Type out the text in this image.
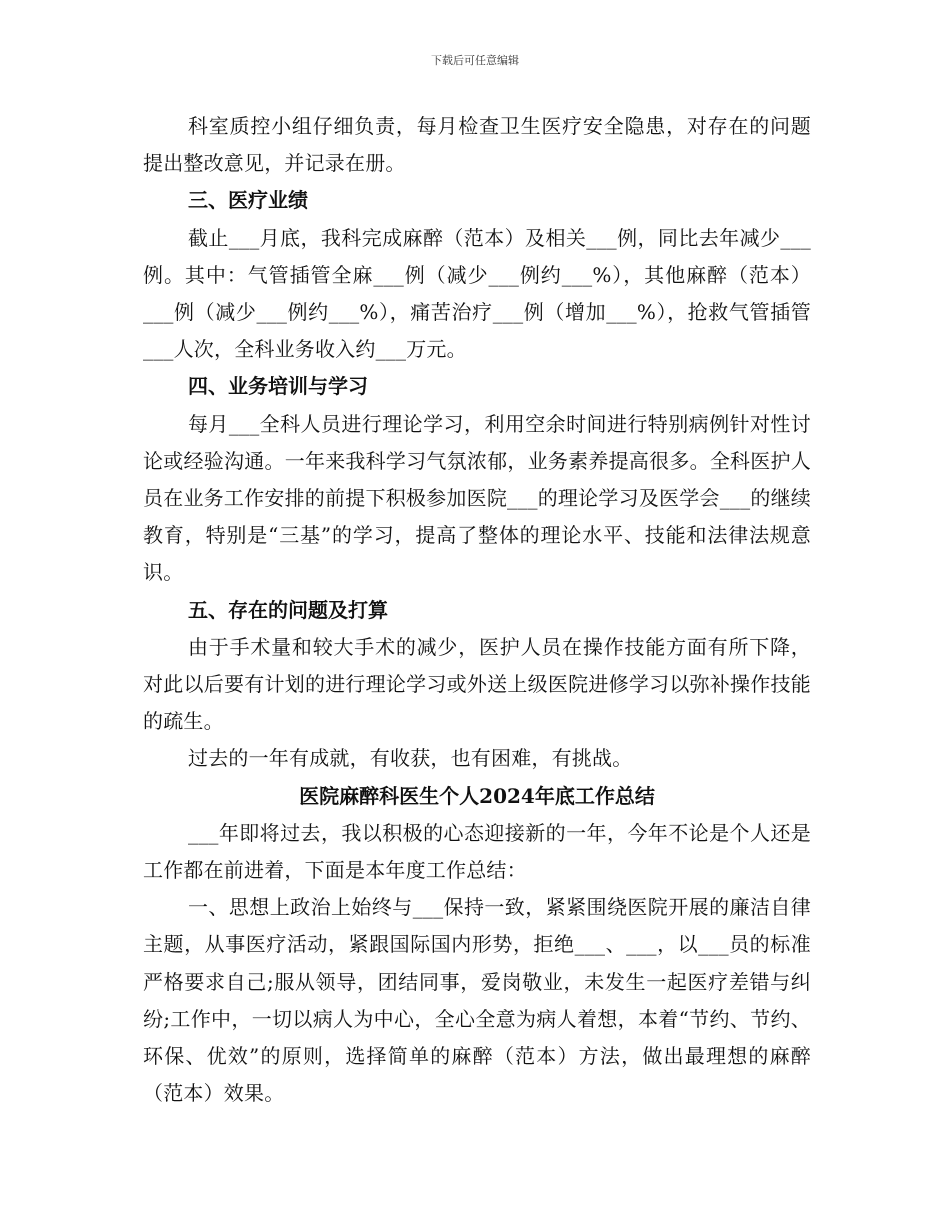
下载后可任意编辑

科室质控小组仔细负责，每月检查卫生医疗安全隐患，对存在的问题提出整改意见，并记录在册。

三、医疗业绩

截止___月底，我科完成麻醉（范本）及相关___例，同比去年减少___例。其中：气管插管全麻___例（减少___例约___%），其他麻醉（范本）___例（减少___例约___%），痛苦治疗___例（增加___%），抢救气管插管___人次，全科业务收入约___万元。

四、业务培训与学习

每月___全科人员进行理论学习，利用空余时间进行特别病例针对性讨论或经验沟通。一年来我科学习气氛浓郁，业务素养提高很多。全科医护人员在业务工作安排的前提下积极参加医院___的理论学习及医学会___的继续教育，特别是“三基”的学习，提高了整体的理论水平、技能和法律法规意识。

五、存在的问题及打算

由于手术量和较大手术的减少，医护人员在操作技能方面有所下降，对此以后要有计划的进行理论学习或外送上级医院进修学习以弥补操作技能的疏生。

过去的一年有成就，有收获，也有困难，有挑战。

医院麻醉科医生个人2024年底工作总结

___年即将过去，我以积极的心态迎接新的一年，今年不论是个人还是工作都在前进着，下面是本年度工作总结：

一、思想上政治上始终与___保持一致，紧紧围绕医院开展的廉洁自律主题，从事医疗活动，紧跟国际国内形势，拒绝___、___，以___员的标准严格要求自己;服从领导，团结同事，爱岗敬业，未发生一起医疗差错与纠纷;工作中，一切以病人为中心，全心全意为病人着想，本着“节约、节约、环保、优效”的原则，选择简单的麻醉（范本）方法，做出最理想的麻醉（范本）效果。
